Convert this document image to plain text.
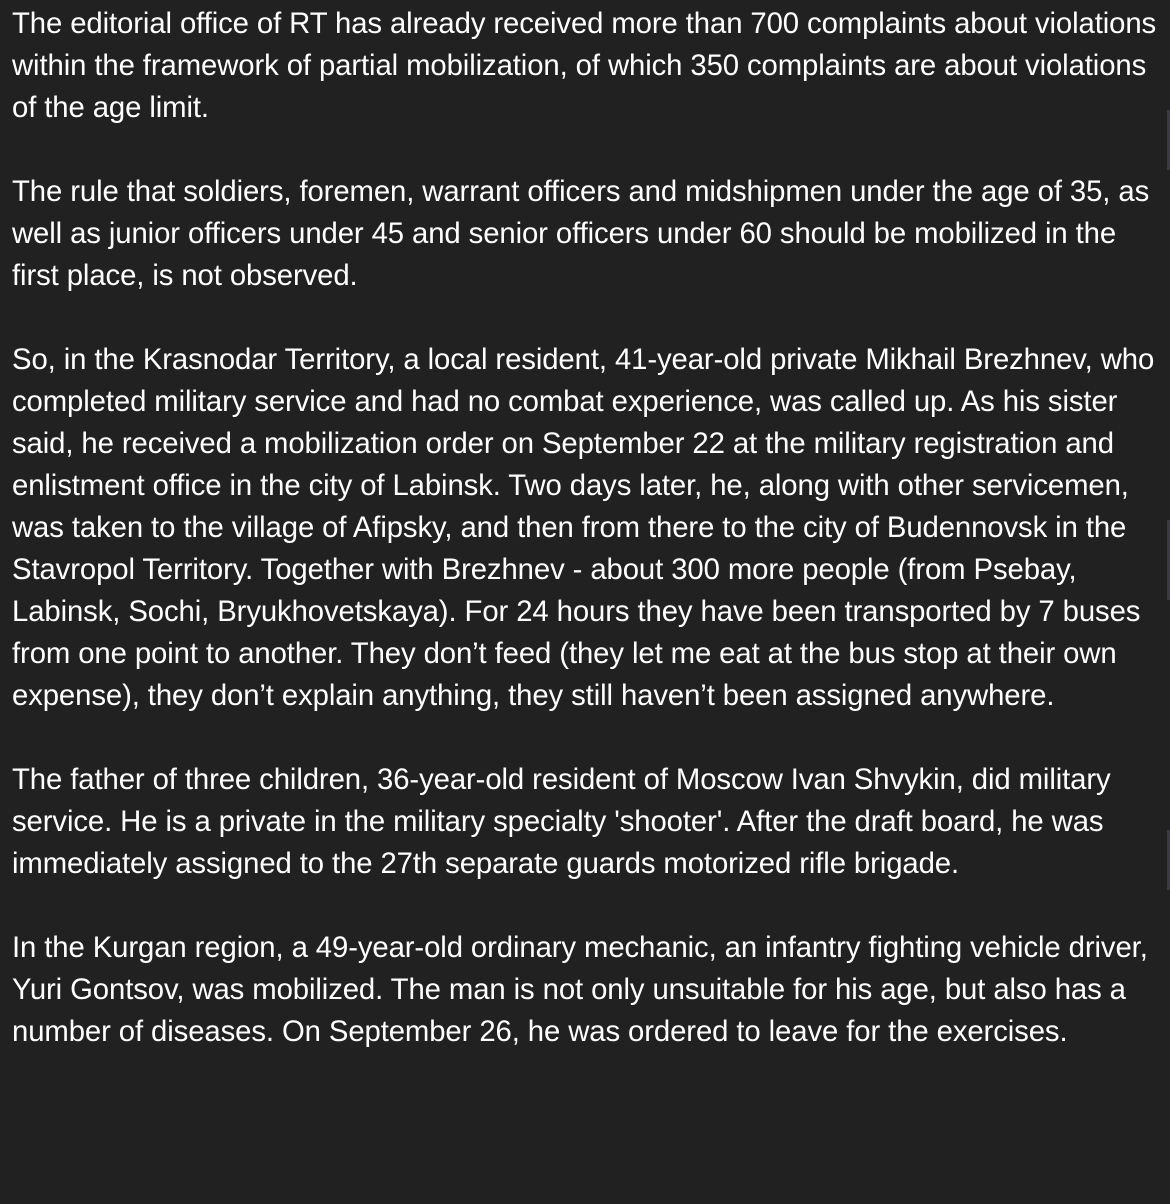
The editorial office of RT has already received more than 700 complaints about violations within the framework of partial mobilization, of which 350 complaints are about violations of the age limit.

The rule that soldiers, foremen, warrant officers and midshipmen under the age of 35, as well as junior officers under 45 and senior officers under 60 should be mobilized in the first place, is not observed.

So, in the Krasnodar Territory, a local resident, 41-year-old private Mikhail Brezhnev, who completed military service and had no combat experience, was called up. As his sister said, he received a mobilization order on September 22 at the military registration and enlistment office in the city of Labinsk. Two days later, he, along with other servicemen, was taken to the village of Afipsky, and then from there to the city of Budennovsk in the Stavropol Territory. Together with Brezhnev - about 300 more people (from Psebay, Labinsk, Sochi, Bryukhovetskaya). For 24 hours they have been transported by 7 buses from one point to another. They don’t feed (they let me eat at the bus stop at their own expense), they don’t explain anything, they still haven’t been assigned anywhere.

The father of three children, 36-year-old resident of Moscow Ivan Shvykin, did military service. He is a private in the military specialty 'shooter'. After the draft board, he was immediately assigned to the 27th separate guards motorized rifle brigade.

In the Kurgan region, a 49-year-old ordinary mechanic, an infantry fighting vehicle driver, Yuri Gontsov, was mobilized. The man is not only unsuitable for his age, but also has a number of diseases. On September 26, he was ordered to leave for the exercises.
